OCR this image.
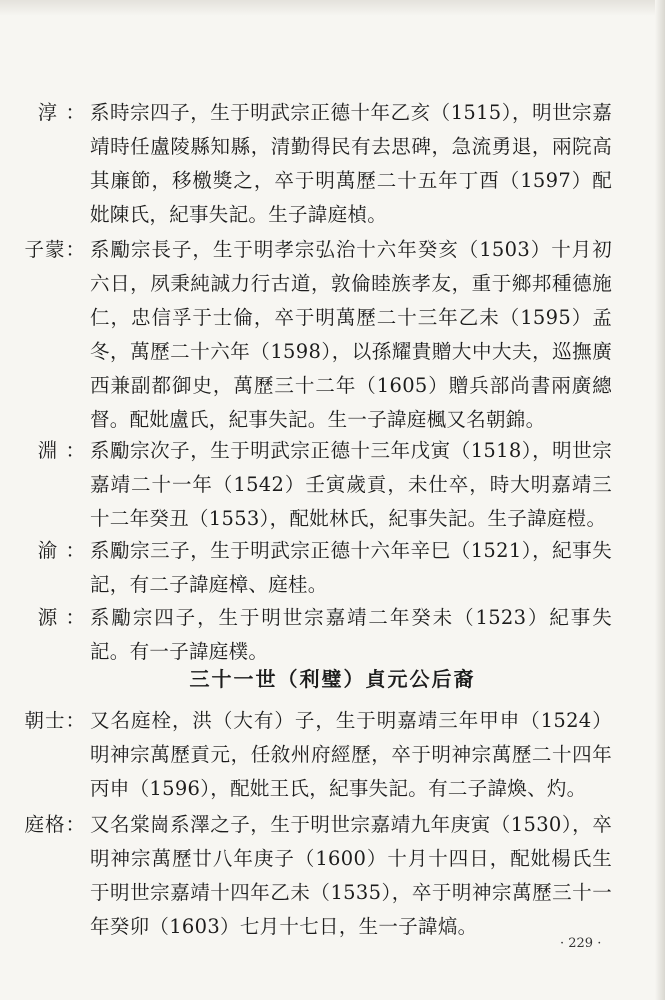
淳 ： 系時宗四子，生于明武宗正德十年乙亥（1515），明世宗嘉靖時任盧陵縣知縣，清勤得民有去思碑，急流勇退，兩院高其廉節，移檄獎之，卒于明萬歷二十五年丁酉（1597）配妣陳氏，紀事失記。生子諱庭楨。
子蒙： 系勵宗長子，生于明孝宗弘治十六年癸亥（1503）十月初六日，夙秉純誠力行古道，敦倫睦族孝友，重于鄉邦種德施仁，忠信孚于士倫，卒于明萬歷二十三年乙未（1595）孟冬，萬歷二十六年（1598），以孫耀貴贈大中大夫，巡撫廣西兼副都御史，萬歷三十二年（1605）贈兵部尚書兩廣總督。配妣盧氏，紀事失記。生一子諱庭楓又名朝錦。
淵 ： 系勵宗次子，生于明武宗正德十三年戊寅（1518），明世宗嘉靖二十一年（1542）壬寅歲貢，未仕卒，時大明嘉靖三十二年癸丑（1553），配妣林氏，紀事失記。生子諱庭榿。
渝 ： 系勵宗三子，生于明武宗正德十六年辛巳（1521），紀事失記，有二子諱庭樟、庭桂。
源 ： 系勵宗四子，生于明世宗嘉靖二年癸未（1523）紀事失記。有一子諱庭樸。
三十一世（利璧）貞元公后裔
朝士： 又名庭栓，洪（大有）子，生于明嘉靖三年甲申（1524）明神宗萬歷貢元，任敘州府經歷，卒于明神宗萬歷二十四年丙申（1596），配妣王氏，紀事失記。有二子諱煥、灼。
庭格： 又名棠崗系澤之子，生于明世宗嘉靖九年庚寅（1530），卒明神宗萬歷廿八年庚子（1600）十月十四日，配妣楊氏生于明世宗嘉靖十四年乙未（1535），卒于明神宗萬歷三十一年癸卯（1603）七月十七日，生一子諱熇。
· 229 ·
